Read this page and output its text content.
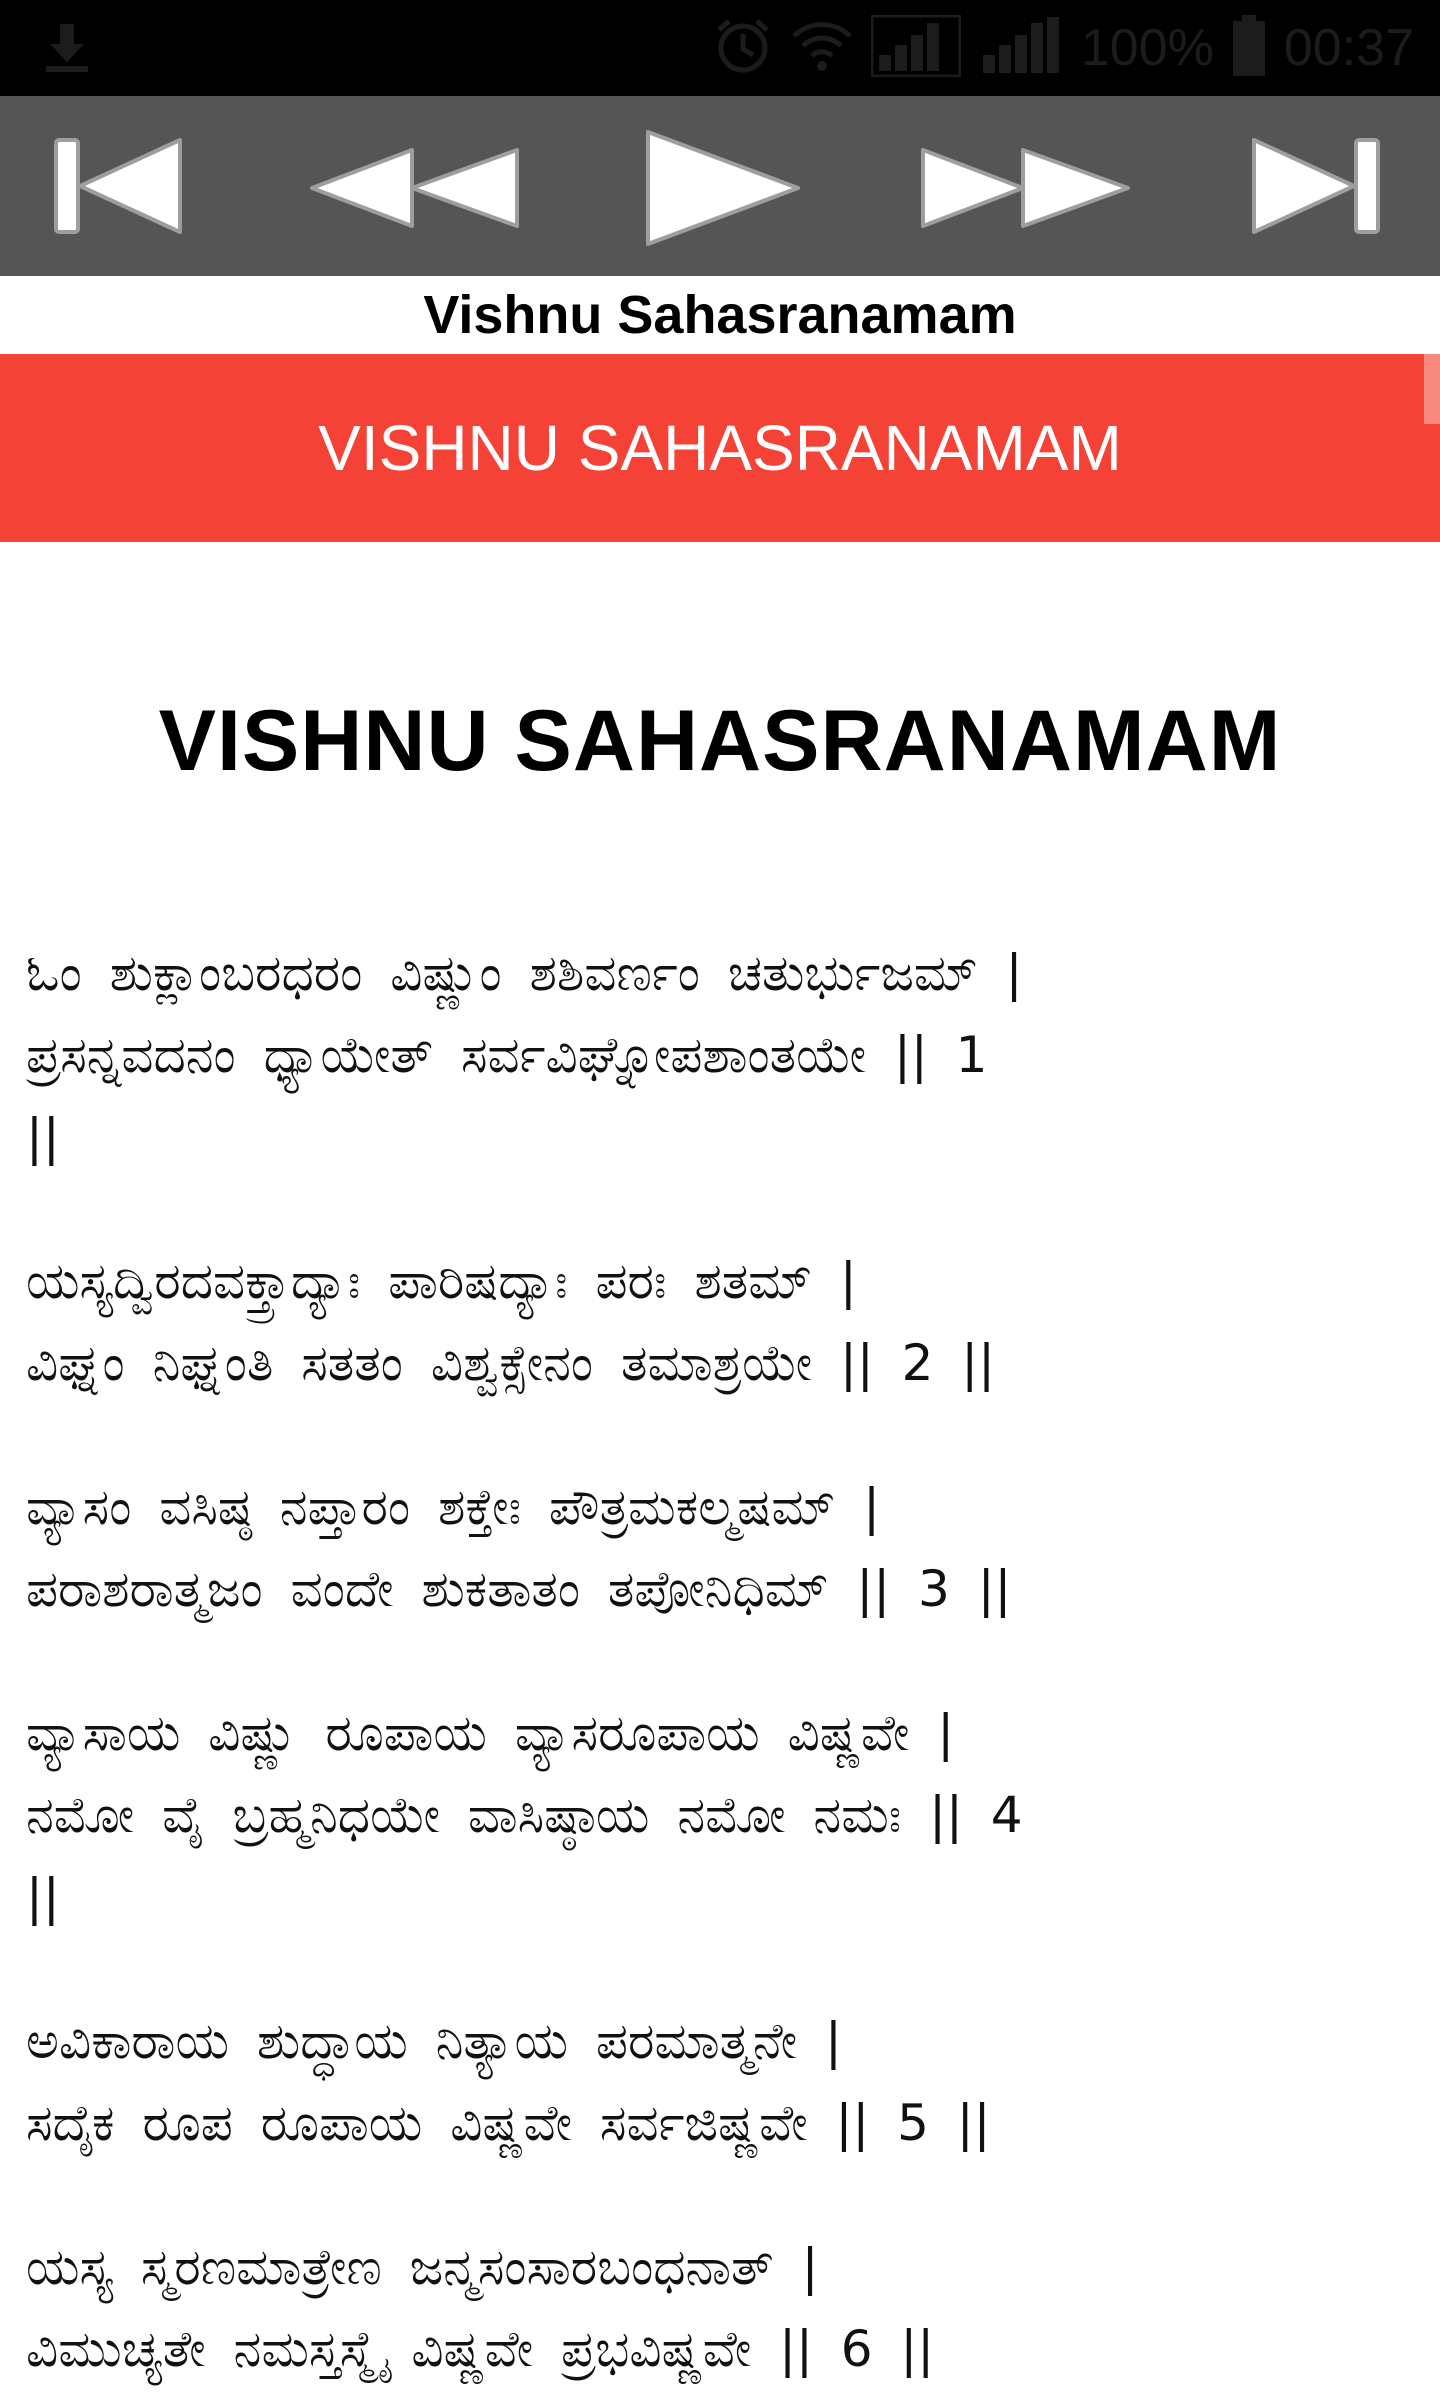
100% 00:37
Vishnu Sahasranamam
VISHNU SAHASRANAMAM
VISHNU SAHASRANAMAM

ಓಂ ಶುಕ್ಲಾಂಬರಧರಂ ವಿಷ್ಣುಂ ಶಶಿವರ್ಣಂ ಚತುರ್ಭುಜಮ್ |
ಪ್ರಸನ್ನವದನಂ ಧ್ಯಾಯೇತ್ ಸರ್ವವಿಘ್ನೋಪಶಾಂತಯೇ || 1
||

ಯಸ್ಯದ್ವಿರದವಕ್ತ್ರಾದ್ಯಾಃ ಪಾರಿಷದ್ಯಾಃ ಪರಃ ಶತಮ್ |
ವಿಘ್ನಂ ನಿಘ್ನಂತಿ ಸತತಂ ವಿಶ್ವಕ್ಸೇನಂ ತಮಾಶ್ರಯೇ || 2 ||

ವ್ಯಾಸಂ ವಸಿಷ್ಠ ನಪ್ತಾರಂ ಶಕ್ತೇಃ ಪೌತ್ರಮಕಲ್ಮಷಮ್ |
ಪರಾಶರಾತ್ಮಜಂ ವಂದೇ ಶುಕತಾತಂ ತಪೋನಿಧಿಮ್ || 3 ||

ವ್ಯಾಸಾಯ ವಿಷ್ಣು ರೂಪಾಯ ವ್ಯಾಸರೂಪಾಯ ವಿಷ್ಣವೇ |
ನಮೋ ವೈ ಬ್ರಹ್ಮನಿಧಯೇ ವಾಸಿಷ್ಠಾಯ ನಮೋ ನಮಃ || 4
||

ಅವಿಕಾರಾಯ ಶುದ್ಧಾಯ ನಿತ್ಯಾಯ ಪರಮಾತ್ಮನೇ |
ಸದೈಕ ರೂಪ ರೂಪಾಯ ವಿಷ್ಣವೇ ಸರ್ವಜಿಷ್ಣವೇ || 5 ||

ಯಸ್ಯ ಸ್ಮರಣಮಾತ್ರೇಣ ಜನ್ಮಸಂಸಾರಬಂಧನಾತ್ |
ವಿಮುಚ್ಯತೇ ನಮಸ್ತಸ್ಮೈ ವಿಷ್ಣವೇ ಪ್ರಭವಿಷ್ಣವೇ || 6 ||
